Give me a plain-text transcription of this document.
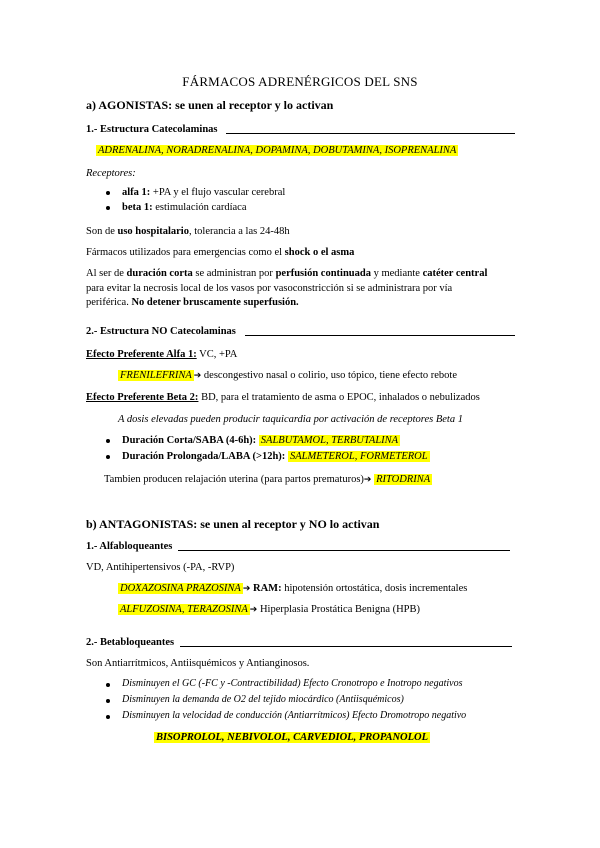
FÁRMACOS ADRENÉRGICOS DEL SNS
a) AGONISTAS: se unen al receptor y lo activan
1.- Estructura Catecolaminas
ADRENALINA, NORADRENALINA, DOPAMINA, DOBUTAMINA, ISOPRENALINA
Receptores:
alfa 1: +PA y el flujo vascular cerebral
beta 1: estimulación cardíaca
Son de uso hospitalario, tolerancia a las 24-48h
Fármacos utilizados para emergencias como el shock o el asma
Al ser de duración corta se administran por perfusión continuada y mediante catéter central
para evitar la necrosis local de los vasos por vasoconstricción si se administrara por vía
periférica. No detener bruscamente superfusión.
2.- Estructura NO Catecolaminas
Efecto Preferente Alfa 1: VC, +PA
FRENILEFRINA ➔ descongestivo nasal o colirio, uso tópico, tiene efecto rebote
Efecto Preferente Beta 2: BD, para el tratamiento de asma o EPOC, inhalados o nebulizados
A dosis elevadas pueden producir taquicardia por activación de receptores Beta 1
Duración Corta/SABA (4-6h): SALBUTAMOL, TERBUTALINA
Duración Prolongada/LABA (>12h): SALMETEROL, FORMETEROL
Tambien producen relajación uterina (para partos prematuros)➔ RITODRINA
b) ANTAGONISTAS: se unen al receptor y NO lo activan
1.- Alfabloqueantes
VD, Antihipertensivos (-PA, -RVP)
DOXAZOSINA PRAZOSINA ➔ RAM: hipotensión ortostática, dosis incrementales
ALFUZOSINA, TERAZOSINA ➔ Hiperplasia Prostática Benigna (HPB)
2.- Betabloqueantes
Son Antiarrítmicos, Antiisquémicos y Antianginosos.
Disminuyen el GC (-FC y -Contractibilidad) Efecto Cronotropo e Inotropo negativos
Disminuyen la demanda de O2 del tejido miocárdico (Antiisquémicos)
Disminuyen la velocidad de conducción (Antiarrítmicos) Efecto Dromotropo negativo
BISOPROLOL, NEBIVOLOL, CARVEDIOL, PROPANOLOL
